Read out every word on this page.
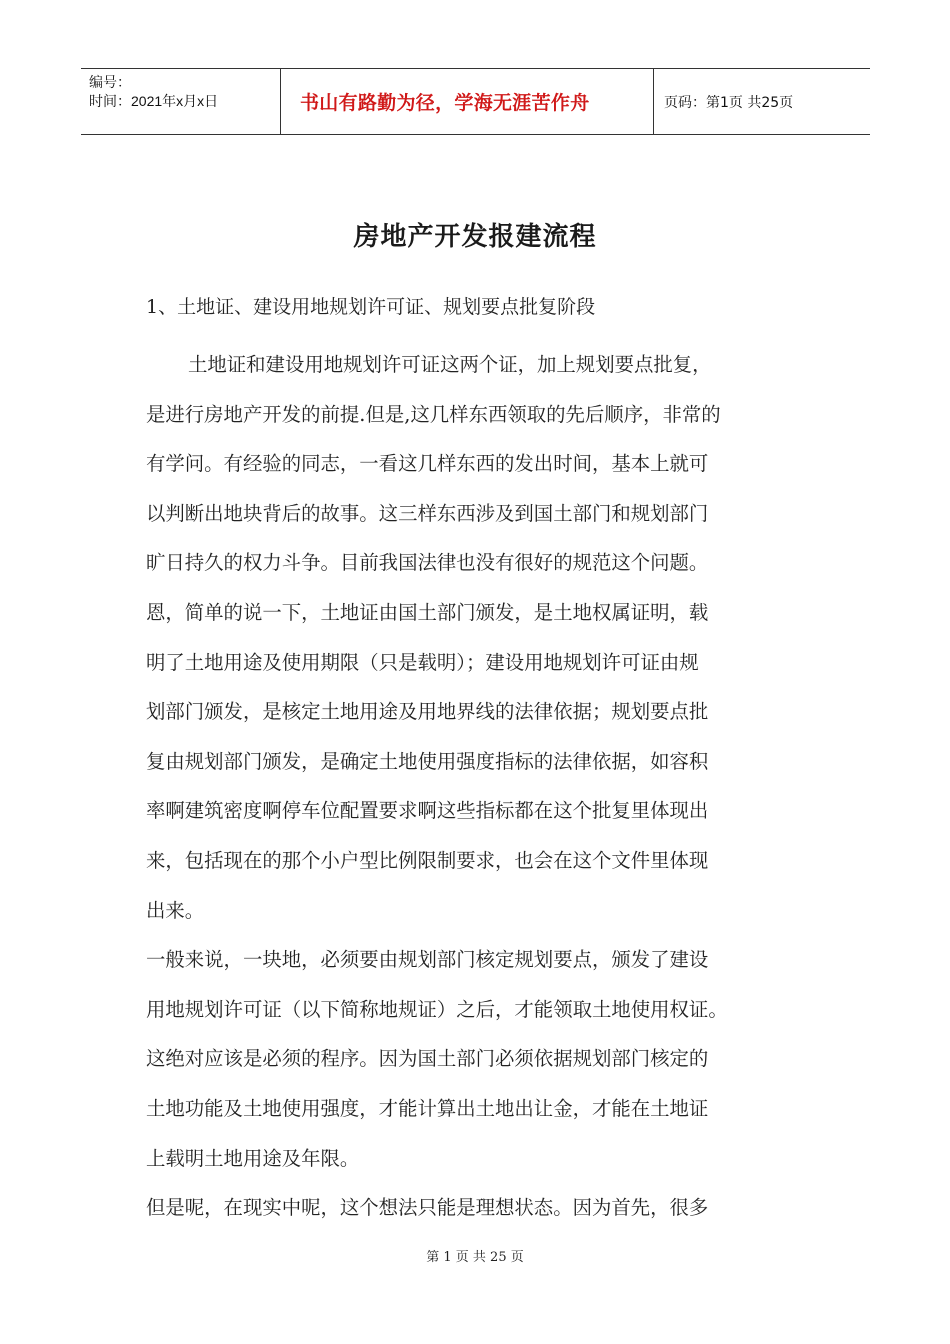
编号：
时间：2021年x月x日	书山有路勤为径，学海无涯苦作舟	页码：第1页 共25页
房地产开发报建流程
1、土地证、建设用地规划许可证、规划要点批复阶段
土地证和建设用地规划许可证这两个证，加上规划要点批复，
是进行房地产开发的前提.但是,这几样东西领取的先后顺序，非常的
有学问。有经验的同志，一看这几样东西的发出时间，基本上就可
以判断出地块背后的故事。这三样东西涉及到国土部门和规划部门
旷日持久的权力斗争。目前我国法律也没有很好的规范这个问题。
恩，简单的说一下，土地证由国土部门颁发，是土地权属证明，载
明了土地用途及使用期限（只是载明）；建设用地规划许可证由规
划部门颁发，是核定土地用途及用地界线的法律依据；规划要点批
复由规划部门颁发，是确定土地使用强度指标的法律依据，如容积
率啊建筑密度啊停车位配置要求啊这些指标都在这个批复里体现出
来，包括现在的那个小户型比例限制要求，也会在这个文件里体现
出来。
一般来说，一块地，必须要由规划部门核定规划要点，颁发了建设
用地规划许可证（以下简称地规证）之后，才能领取土地使用权证。
这绝对应该是必须的程序。因为国土部门必须依据规划部门核定的
土地功能及土地使用强度，才能计算出土地出让金，才能在土地证
上载明土地用途及年限。
但是呢，在现实中呢，这个想法只能是理想状态。因为首先，很多
第 1 页 共 25 页
